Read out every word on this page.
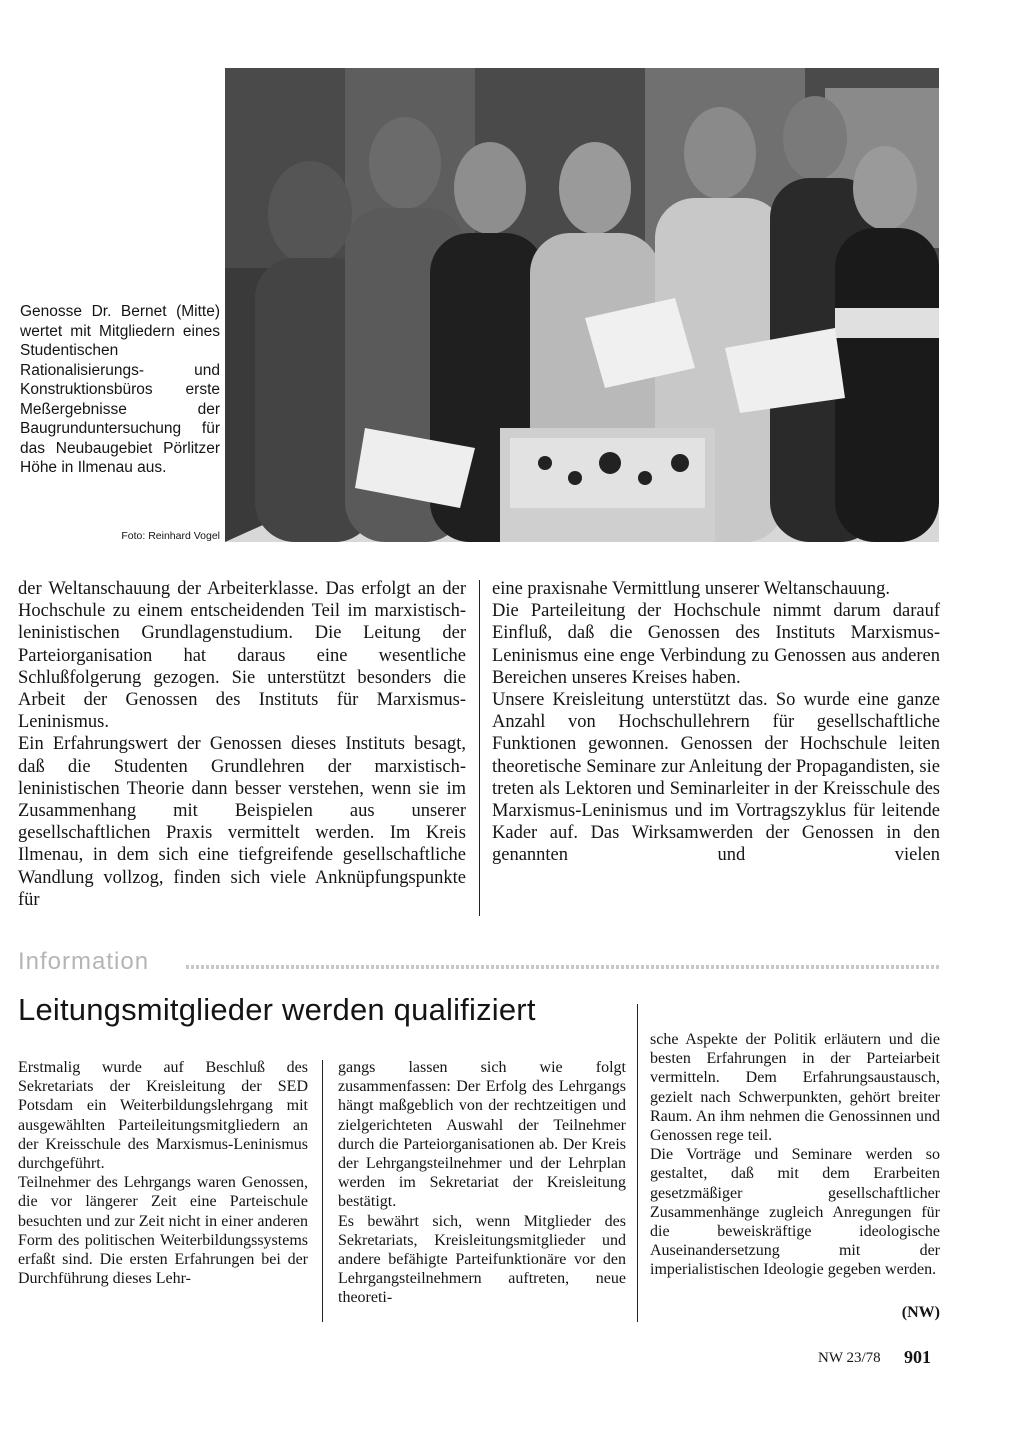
Genosse Dr. Bernet (Mitte) wertet mit Mitgliedern eines Studentischen Rationalisierungs- und Konstruktionsbüros erste Meßergebnisse der Baugrunduntersuchung für das Neubaugebiet Pörlitzer Höhe in Ilmenau aus.
Foto: Reinhard Vogel

der Weltanschauung der Arbeiterklasse. Das erfolgt an der Hochschule zu einem entscheidenden Teil im marxistisch-leninistischen Grundlagenstudium. Die Leitung der Parteiorganisation hat daraus eine wesentliche Schlußfolgerung gezogen. Sie unterstützt besonders die Arbeit der Genossen des Instituts für Marxismus-Leninismus.

Ein Erfahrungswert der Genossen dieses Instituts besagt, daß die Studenten Grundlehren der marxistisch-leninistischen Theorie dann besser verstehen, wenn sie im Zusammenhang mit Beispielen aus unserer gesellschaftlichen Praxis vermittelt werden. Im Kreis Ilmenau, in dem sich eine tiefgreifende gesellschaftliche Wandlung vollzog, finden sich viele Anknüpfungspunkte für

eine praxisnahe Vermittlung unserer Weltanschauung.

Die Parteileitung der Hochschule nimmt darum darauf Einfluß, daß die Genossen des Instituts Marxismus-Leninismus eine enge Verbindung zu Genossen aus anderen Bereichen unseres Kreises haben.

Unsere Kreisleitung unterstützt das. So wurde eine ganze Anzahl von Hochschullehrern für gesellschaftliche Funktionen gewonnen. Genossen der Hochschule leiten theoretische Seminare zur Anleitung der Propagandisten, sie treten als Lektoren und Seminarleiter in der Kreisschule des Marxismus-Leninismus und im Vortragszyklus für leitende Kader auf. Das Wirksamwerden der Genossen in den genannten und vielen

Information
Leitungsmitglieder werden qualifiziert

Erstmalig wurde auf Beschluß des Sekretariats der Kreisleitung der SED Potsdam ein Weiterbildungslehrgang mit ausgewählten Parteileitungsmitgliedern an der Kreisschule des Marxismus-Leninismus durchgeführt.

Teilnehmer des Lehrgangs waren Genossen, die vor längerer Zeit eine Parteischule besuchten und zur Zeit nicht in einer anderen Form des politischen Weiterbildungssystems erfaßt sind. Die ersten Erfahrungen bei der Durchführung dieses Lehr-

gangs lassen sich wie folgt zusammenfassen: Der Erfolg des Lehrgangs hängt maßgeblich von der rechtzeitigen und zielgerichteten Auswahl der Teilnehmer durch die Parteiorganisationen ab. Der Kreis der Lehrgangsteilnehmer und der Lehrplan werden im Sekretariat der Kreisleitung bestätigt.

Es bewährt sich, wenn Mitglieder des Sekretariats, Kreisleitungsmitglieder und andere befähigte Parteifunktionäre vor den Lehrgangsteilnehmern auftreten, neue theoreti-

sche Aspekte der Politik erläutern und die besten Erfahrungen in der Parteiarbeit vermitteln. Dem Erfahrungsaustausch, gezielt nach Schwerpunkten, gehört breiter Raum. An ihm nehmen die Genossinnen und Genossen rege teil.

Die Vorträge und Seminare werden so gestaltet, daß mit dem Erarbeiten gesetzmäßiger gesellschaftlicher Zusammenhänge zugleich Anregungen für die beweiskräftige ideologische Auseinandersetzung mit der imperialistischen Ideologie gegeben werden.

(NW)
NW 23/78 901
